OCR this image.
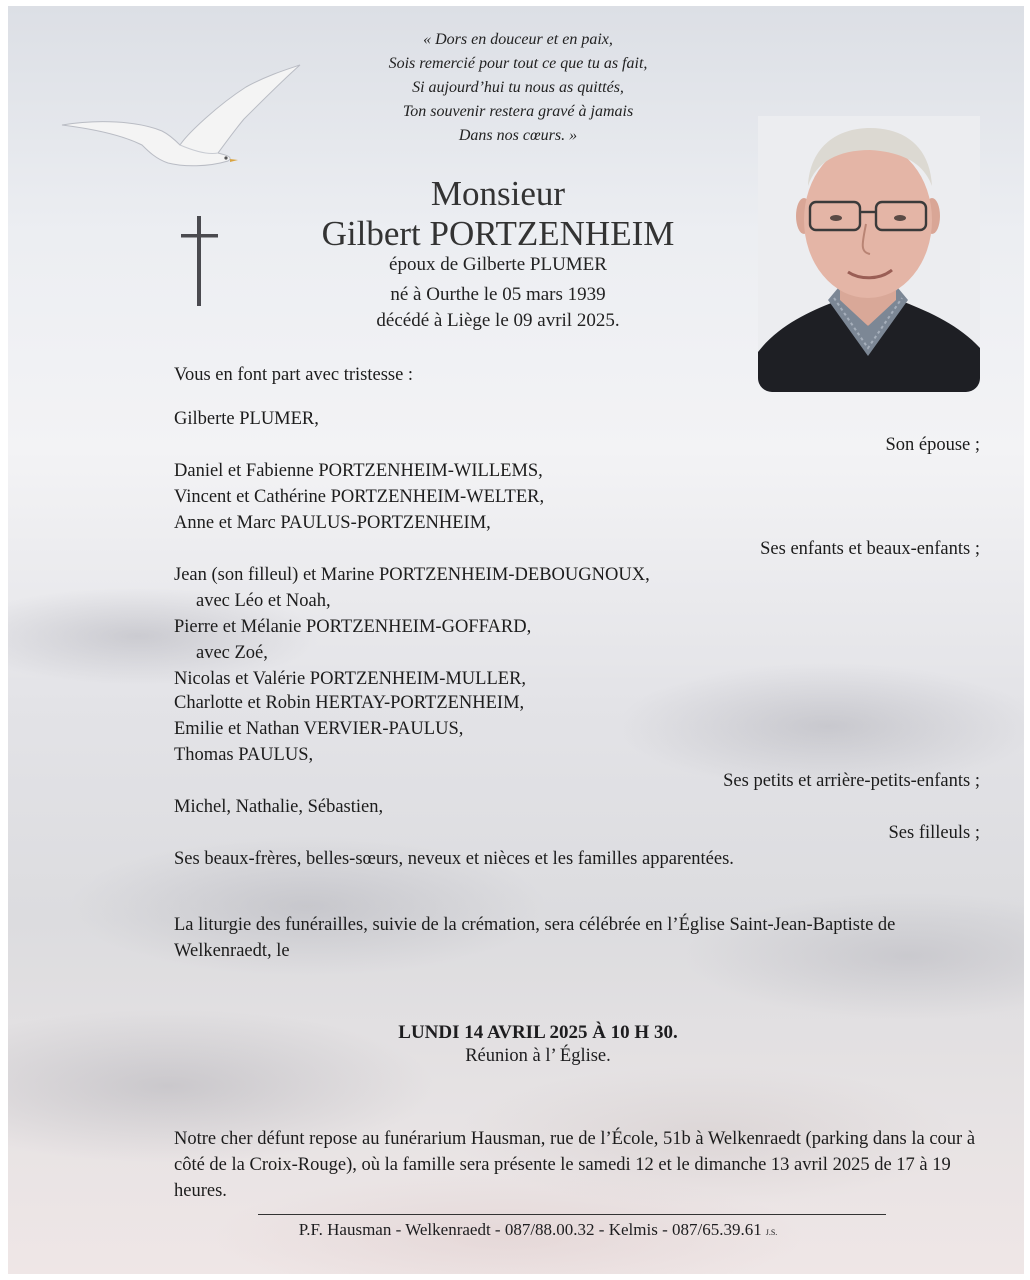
« Dors en douceur et en paix,
Sois remercié pour tout ce que tu as fait,
Si aujourd’hui tu nous as quittés,
Ton souvenir restera gravé à jamais
Dans nos cœurs. »
Monsieur
Gilbert PORTZENHEIM
époux de Gilberte PLUMER
né à Ourthe le 05 mars 1939
décédé à Liège le 09 avril 2025.
Vous en font part avec tristesse :
Gilberte PLUMER,
Son épouse ;
Daniel et Fabienne PORTZENHEIM-WILLEMS,
Vincent et Cathérine PORTZENHEIM-WELTER,
Anne et Marc PAULUS-PORTZENHEIM,
Ses enfants et beaux-enfants ;
Jean (son filleul) et Marine PORTZENHEIM-DEBOUGNOUX,
avec Léo et Noah,
Pierre et Mélanie PORTZENHEIM-GOFFARD,
avec Zoé,
Nicolas et Valérie PORTZENHEIM-MULLER,
Charlotte et Robin HERTAY-PORTZENHEIM,
Emilie et Nathan VERVIER-PAULUS,
Thomas PAULUS,
Ses petits et arrière-petits-enfants ;
Michel, Nathalie, Sébastien,
Ses filleuls ;
Ses beaux-frères, belles-sœurs, neveux et nièces et les familles apparentées.
La liturgie des funérailles, suivie de la crémation, sera célébrée en l’Église Saint-Jean-Baptiste de Welkenraedt, le
LUNDI 14 AVRIL 2025 À 10 H 30.
Réunion à l’ Église.
Notre cher défunt repose au funérarium Hausman, rue de l’École, 51b à Welkenraedt (parking dans la cour à côté de la Croix-Rouge), où la famille sera présente le samedi 12 et le dimanche 13 avril 2025 de 17 à 19 heures.
P.F. Hausman - Welkenraedt - 087/88.00.32 - Kelmis - 087/65.39.61 J.S.
